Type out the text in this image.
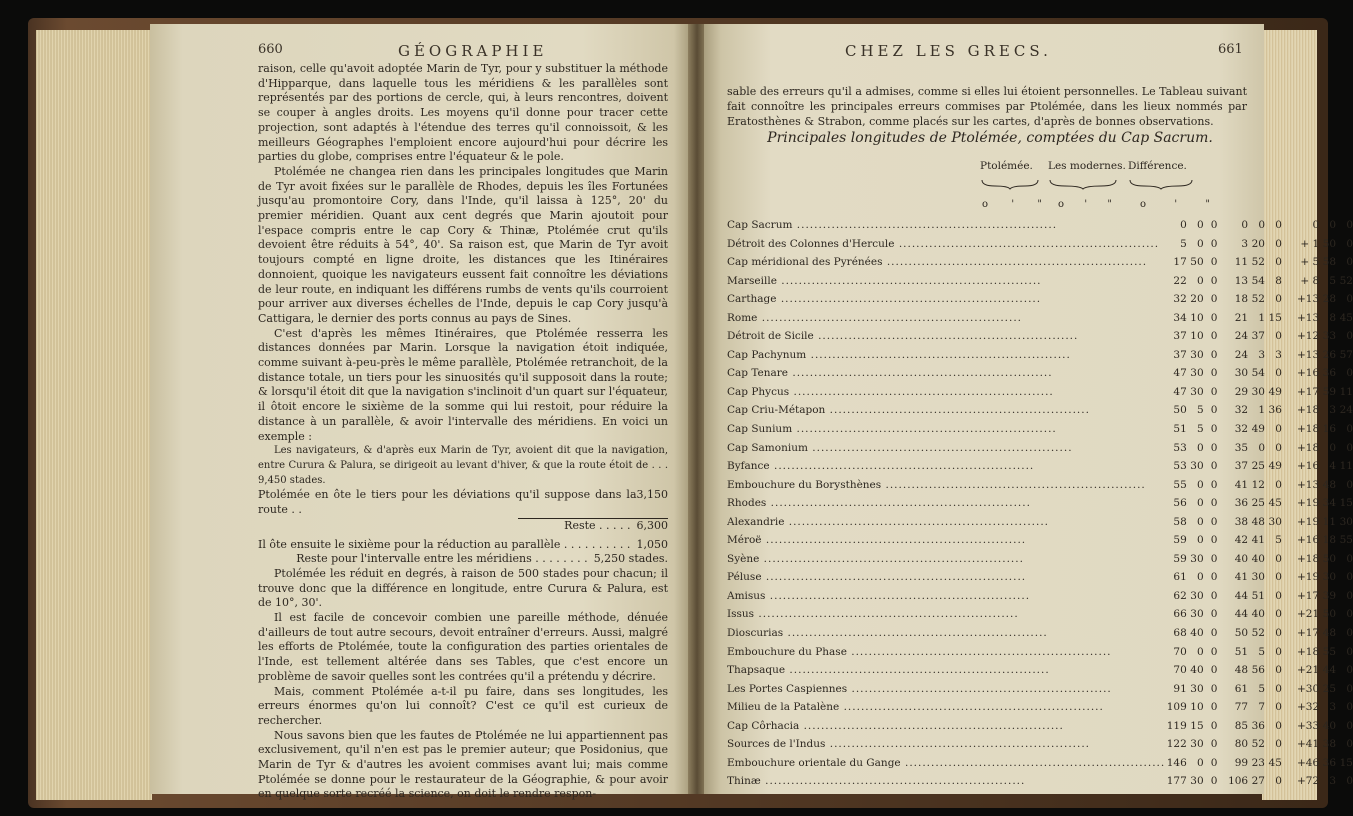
660	GÉOGRAPHIE

raison, celle qu'avoit adoptée Marin de Tyr, pour y substituer la méthode d'Hipparque, dans laquelle tous les méridiens & les parallèles sont représentés par des portions de cercle, qui, à leurs rencontres, doivent se couper à angles droits. Les moyens qu'il donne pour tracer cette projection, sont adaptés à l'étendue des terres qu'il connoissoit, & les meilleurs Géographes l'emploient encore aujourd'hui pour décrire les parties du globe, comprises entre l'équateur & le pole.

Ptolémée ne changea rien dans les principales longitudes que Marin de Tyr avoit fixées sur le parallèle de Rhodes, depuis les îles Fortunées jusqu'au promontoire Cory, dans l'Inde, qu'il laissa à 125°, 20' du premier méridien. Quant aux cent degrés que Marin ajoutoit pour l'espace compris entre le cap Cory & Thinæ, Ptolémée crut qu'ils devoient être réduits à 54°, 40'. Sa raison est, que Marin de Tyr avoit toujours compté en ligne droite, les distances que les Itinéraires donnoient, quoique les navigateurs eussent fait connoître les déviations de leur route, en indiquant les différens rumbs de vents qu'ils courroient pour arriver aux diverses échelles de l'Inde, depuis le cap Cory jusqu'à Cattigara, le dernier des ports connus au pays de Sines.

C'est d'après les mêmes Itinéraires, que Ptolémée resserra les distances données par Marin. Lorsque la navigation étoit indiquée, comme suivant à-peu-près le même parallèle, Ptolémée retranchoit, de la distance totale, un tiers pour les sinuosités qu'il supposoit dans la route; & lorsqu'il étoit dit que la navigation s'inclinoit d'un quart sur l'équateur, il ôtoit encore le sixième de la somme qui lui restoit, pour réduire la distance à un parallèle, & avoir l'intervalle des méridiens. En voici un exemple :

Les navigateurs, & d'après eux Marin de Tyr, avoient dit que la navigation, entre Curura & Palura, se dirigeoit au levant d'hiver, & que la route étoit de . . . 9,450 stades.

Ptolémée en ôte le tiers pour les déviations qu'il suppose dans la route . .
3,150
Reste . . . . . 6,300
Il ôte ensuite le sixième pour la réduction au parallèle . . . . . . . . . . 1,050
Reste pour l'intervalle entre les méridiens . . . . . . . . 5,250 stades.

Ptolémée les réduit en degrés, à raison de 500 stades pour chacun; il trouve donc que la différence en longitude, entre Curura & Palura, est de 10°, 30'.

Il est facile de concevoir combien une pareille méthode, dénuée d'ailleurs de tout autre secours, devoit entraîner d'erreurs. Aussi, malgré les efforts de Ptolémée, toute la configuration des parties orientales de l'Inde, est tellement altérée dans ses Tables, que c'est encore un problème de savoir quelles sont les contrées qu'il a prétendu y décrire.

Mais, comment Ptolémée a-t-il pu faire, dans ses longitudes, les erreurs énormes qu'on lui connoît? C'est ce qu'il est curieux de rechercher.

Nous savons bien que les fautes de Ptolémée ne lui appartiennent pas exclusivement, qu'il n'en est pas le premier auteur; que Posidonius, que Marin de Tyr & d'autres les avoient commises avant lui; mais comme Ptolémée se donne pour le restaurateur de la Géographie, & pour avoir en quelque sorte recréé la science, on doit le rendre respon-

CHEZ LES GRECS.	661

sable des erreurs qu'il a admises, comme si elles lui étoient personnelles. Le Tableau suivant fait connoître les principales erreurs commises par Ptolémée, dans les lieux nommés par Eratosthènes & Strabon, comme placés sur les cartes, d'après de bonnes observations.

Principales longitudes de Ptolémée, comptées du Cap Sacrum.
Ptolémée. Les modernes. Différence.
o ' " o ' "	o	'	"
Cap Sacrum ............................................................	0	0	0	0	0	0	0	0	0
Détroit des Colonnes d'Hercule ............................................................	5	0	0	3	20	0	+ 1	50	0
Cap méridional des Pyrénées ............................................................	17	50	0	11	52	0	+ 5	58	0
Marseille ............................................................	22	0	0	13	54	8	+ 8	5	52
Carthage ............................................................	32	20	0	18	52	0	+13	28	0
Rome ............................................................	34	10	0	21	1	15	+13	8	45
Détroit de Sicile ............................................................	37	10	0	24	37	0	+12	33	0
Cap Pachynum ............................................................	37	30	0	24	3	3	+13	26	57
Cap Tenare ............................................................	47	30	0	30	54	0	+16	36	0
Cap Phycus ............................................................	47	30	0	29	30	49	+17	59	11
Cap Criu-Métapon ............................................................	50	5	0	32	1	36	+18	3	24
Cap Sunium ............................................................	51	5	0	32	49	0	+18	16	0
Cap Samonium ............................................................	53	0	0	35	0	0	+18	0	0
Byfance ............................................................	53	30	0	37	25	49	+16	4	11
Embouchure du Borysthènes ............................................................	55	0	0	41	12	0	+13	48	0
Rhodes ............................................................	56	0	0	36	25	45	+19	34	15
Alexandrie ............................................................	58	0	0	38	48	30	+19	11	30
Méroë ............................................................	59	0	0	42	41	5	+16	18	55
Syène ............................................................	59	30	0	40	40	0	+18	50	0
Péluse ............................................................	61	0	0	41	30	0	+19	30	0
Amisus ............................................................	62	30	0	44	51	0	+17	39	0
Issus ............................................................	66	30	0	44	40	0	+21	50	0
Dioscurias ............................................................	68	40	0	50	52	0	+17	48	0
Embouchure du Phase ............................................................	70	0	0	51	5	0	+18	55	0
Thapsaque ............................................................	70	40	0	48	56	0	+21	44	0
Les Portes Caspiennes ............................................................	91	30	0	61	5	0	+30	25	0
Milieu de la Patalène ............................................................	109	10	0	77	7	0	+32	3	0
Cap Côrhacia ............................................................	119	15	0	85	36	0	+33	40	0
Sources de l'Indus ............................................................	122	30	0	80	52	0	+41	38	0
Embouchure orientale du Gange ............................................................	146	0	0	99	23	45	+46	36	15
Thinæ ............................................................	177	30	0	106	27	0	+72	3	0
